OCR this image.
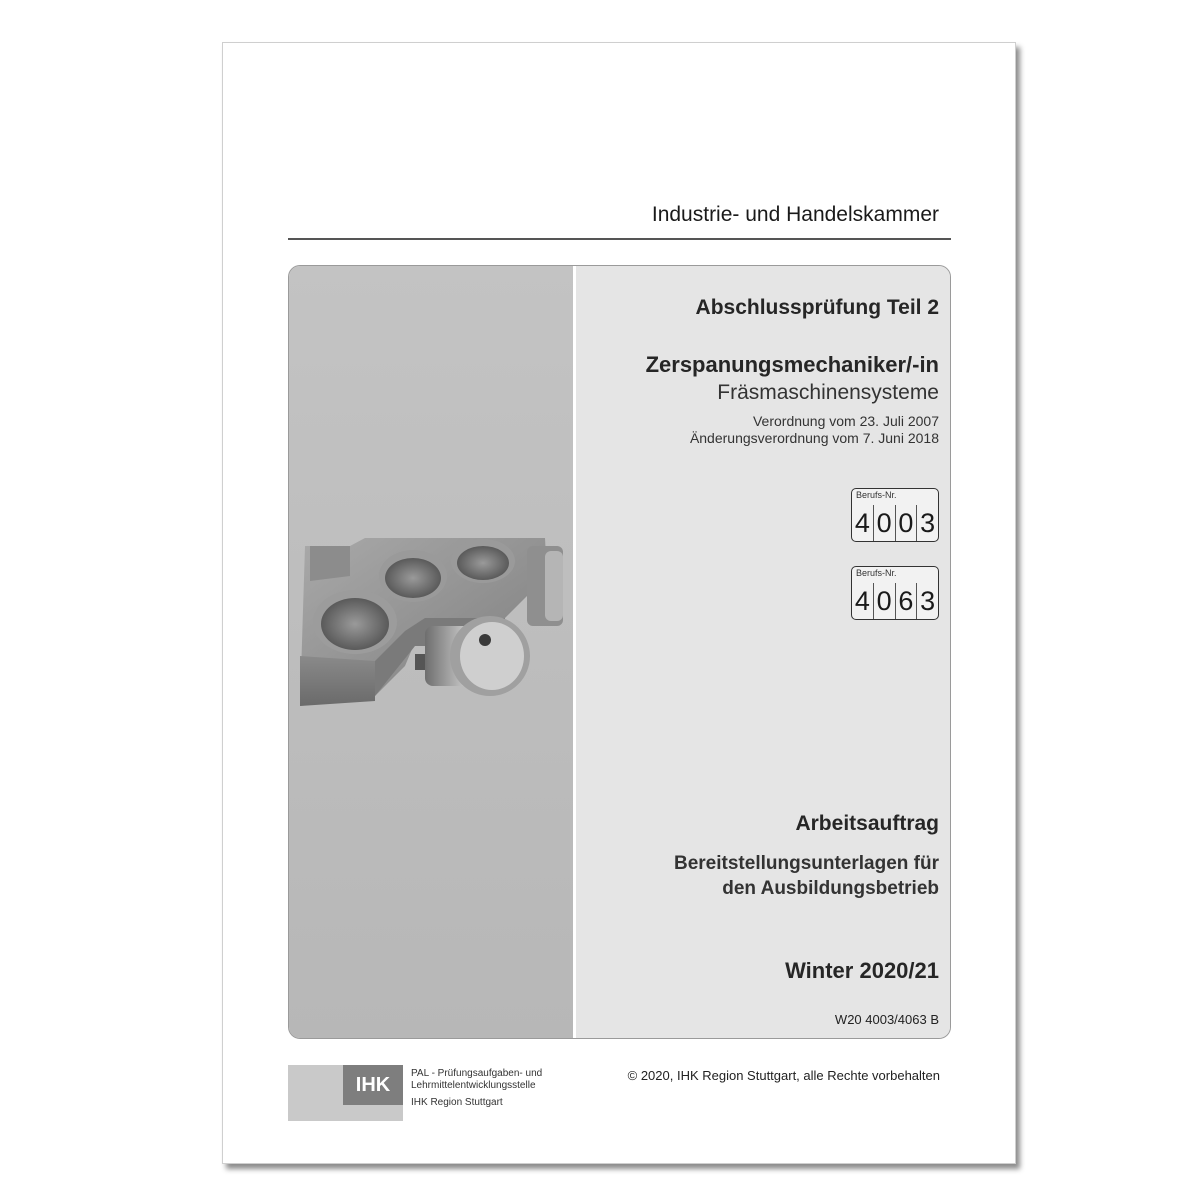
Industrie- und Handelskammer
Abschlussprüfung Teil 2
Zerspanungsmechaniker/-in
Fräsmaschinensysteme
Verordnung vom 23. Juli 2007
Änderungsverordnung vom 7. Juni 2018
Berufs-Nr.
4 0 0 3
Berufs-Nr.
4 0 6 3
Arbeitsauftrag
Bereitstellungsunterlagen für
den Ausbildungsbetrieb
Winter 2020/21
W20 4003/4063 B
IHK
PAL - Prüfungsaufgaben- und
Lehrmittelentwicklungsstelle
IHK Region Stuttgart
© 2020, IHK Region Stuttgart, alle Rechte vorbehalten
